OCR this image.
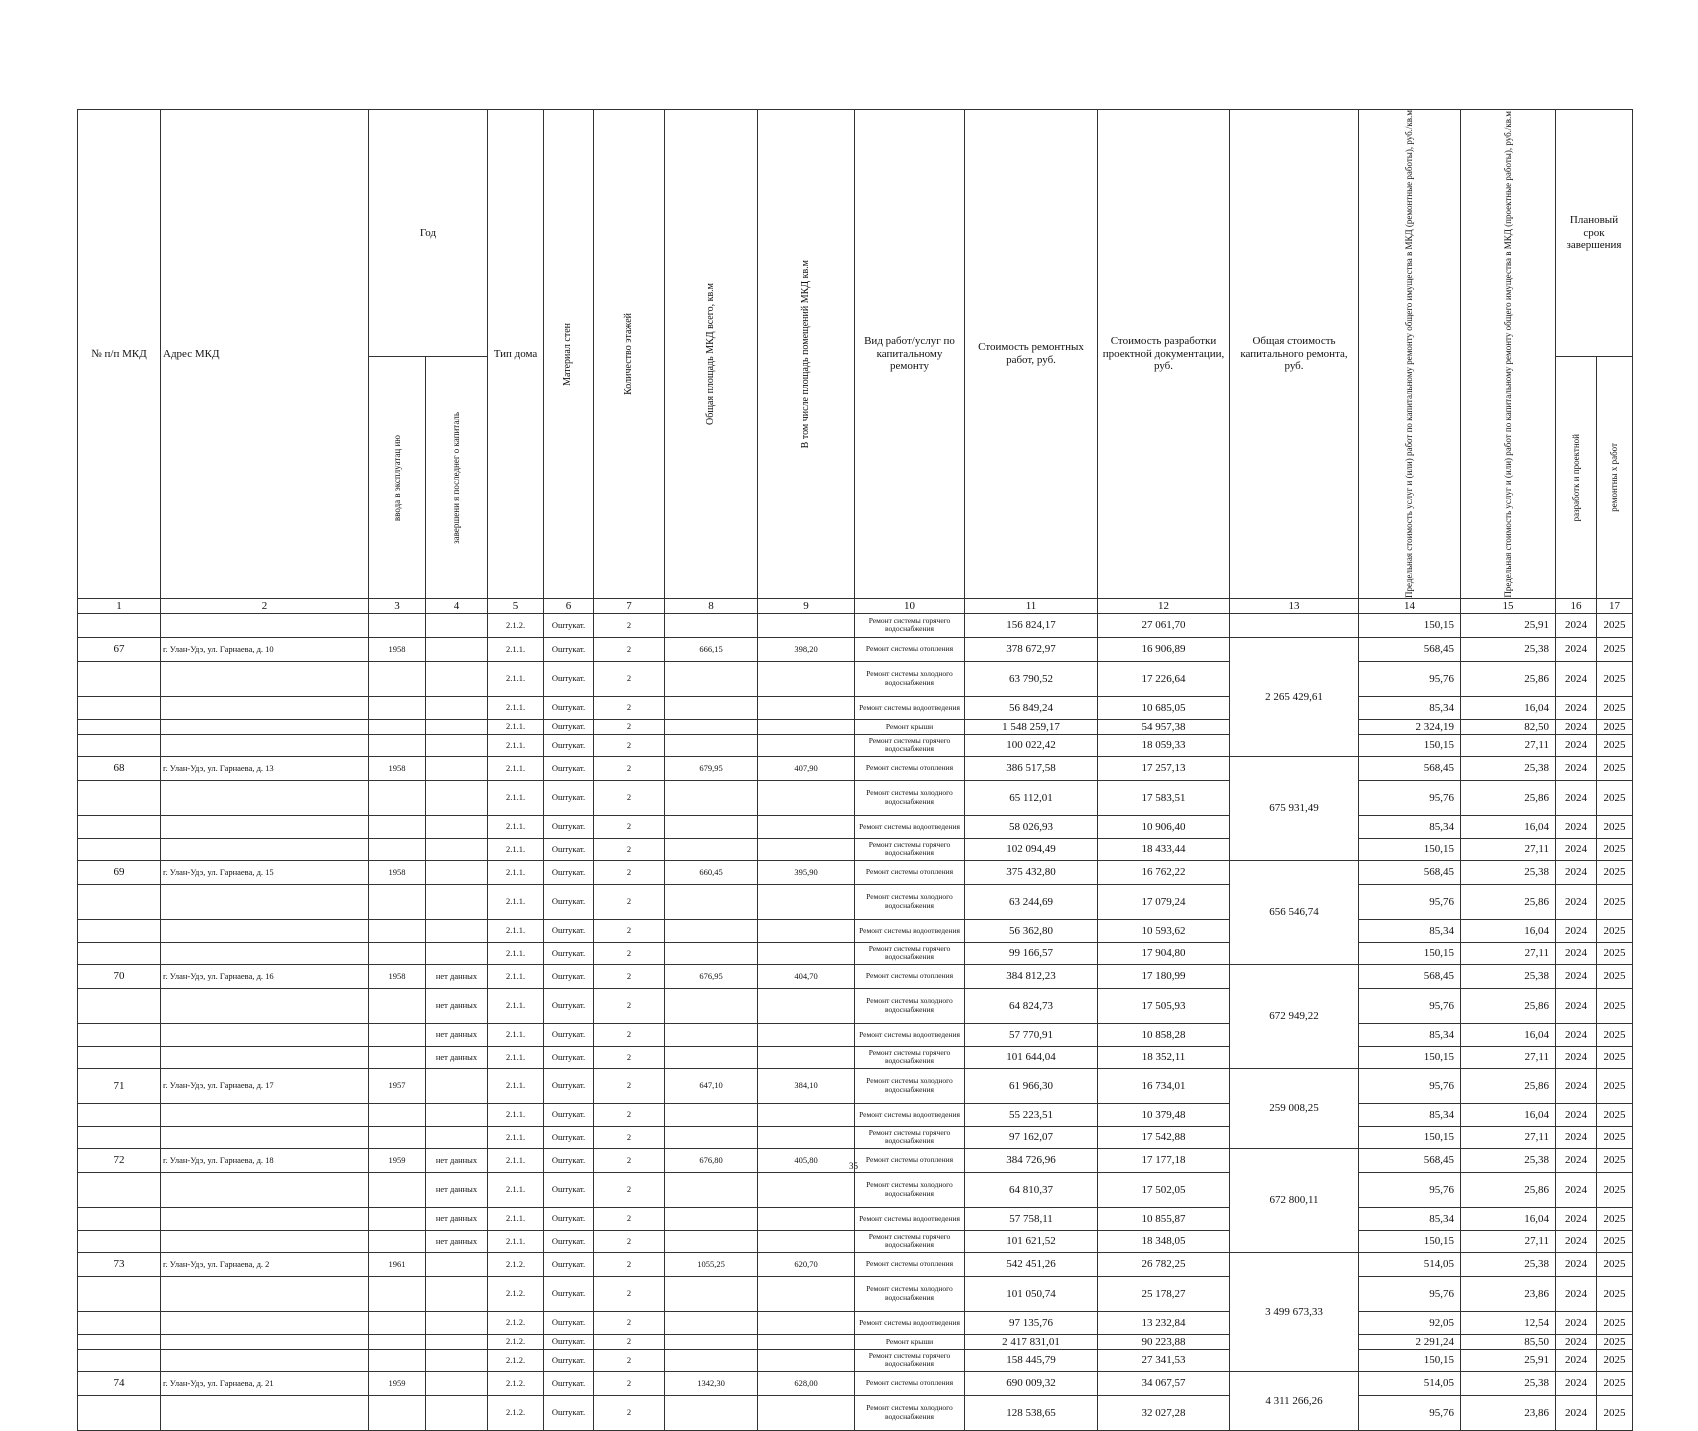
№ п/п МКД	Адрес МКД	Год		Тип дома	Материал стен	Количество этажей	Общая площадь МКД всего, кв.м	В том числе площадь помещений МКД кв.м	Вид работ/услуг по капитальному ремонту	Стоимость ремонтных работ, руб.	Стоимость разработки проектной документации, руб.	Общая стоимость капитального ремонта, руб.	Предельная стоимость услуг и (или) работ по капитальному ремонту общего имущества в МКД (ремонтные работы), руб./кв.м	Предельная стоимость услуг и (или) работ по капитальному ремонту общего имущества в МКД (проектные работы), руб./кв.м	Плановый срок завершения	

		ввода в эксплуатац ию	завершени я последнег о капиталь												разработк и проектной	ремонтны х работ

1	2	3	4	5	6	7	8	9	10	11	12	13	14	15	16	17
				2.1.2.	Оштукат.	2			Ремонт системы горячего водоснабжения	156 824,17	27 061,70		150,15	25,91	2024	2025
67	г. Улан-Удэ, ул. Гарнаева, д. 10	1958		2.1.1.	Оштукат.	2	666,15	398,20	Ремонт системы отопления	378 672,97	16 906,89	2 265 429,61	568,45	25,38	2024	2025
				2.1.1.	Оштукат.	2			Ремонт системы холодного водоснабжения	63 790,52	17 226,64		95,76	25,86	2024	2025
				2.1.1.	Оштукат.	2			Ремонт системы водоотведения	56 849,24	10 685,05		85,34	16,04	2024	2025
				2.1.1.	Оштукат.	2			Ремонт крыши	1 548 259,17	54 957,38		2 324,19	82,50	2024	2025
				2.1.1.	Оштукат.	2			Ремонт системы горячего водоснабжения	100 022,42	18 059,33		150,15	27,11	2024	2025
68	г. Улан-Удэ, ул. Гарнаева, д. 13	1958		2.1.1.	Оштукат.	2	679,95	407,90	Ремонт системы отопления	386 517,58	17 257,13	675 931,49	568,45	25,38	2024	2025
				2.1.1.	Оштукат.	2			Ремонт системы холодного водоснабжения	65 112,01	17 583,51		95,76	25,86	2024	2025
				2.1.1.	Оштукат.	2			Ремонт системы водоотведения	58 026,93	10 906,40		85,34	16,04	2024	2025
				2.1.1.	Оштукат.	2			Ремонт системы горячего водоснабжения	102 094,49	18 433,44		150,15	27,11	2024	2025
69	г. Улан-Удэ, ул. Гарнаева, д. 15	1958		2.1.1.	Оштукат.	2	660,45	395,90	Ремонт системы отопления	375 432,80	16 762,22	656 546,74	568,45	25,38	2024	2025
				2.1.1.	Оштукат.	2			Ремонт системы холодного водоснабжения	63 244,69	17 079,24		95,76	25,86	2024	2025
				2.1.1.	Оштукат.	2			Ремонт системы водоотведения	56 362,80	10 593,62		85,34	16,04	2024	2025
				2.1.1.	Оштукат.	2			Ремонт системы горячего водоснабжения	99 166,57	17 904,80		150,15	27,11	2024	2025
70	г. Улан-Удэ, ул. Гарнаева, д. 16	1958	нет данных	2.1.1.	Оштукат.	2	676,95	404,70	Ремонт системы отопления	384 812,23	17 180,99	672 949,22	568,45	25,38	2024	2025
			нет данных	2.1.1.	Оштукат.	2			Ремонт системы холодного водоснабжения	64 824,73	17 505,93		95,76	25,86	2024	2025
			нет данных	2.1.1.	Оштукат.	2			Ремонт системы водоотведения	57 770,91	10 858,28		85,34	16,04	2024	2025
			нет данных	2.1.1.	Оштукат.	2			Ремонт системы горячего водоснабжения	101 644,04	18 352,11		150,15	27,11	2024	2025
71	г. Улан-Удэ, ул. Гарнаева, д. 17	1957		2.1.1.	Оштукат.	2	647,10	384,10	Ремонт системы холодного водоснабжения	61 966,30	16 734,01	259 008,25	95,76	25,86	2024	2025
				2.1.1.	Оштукат.	2			Ремонт системы водоотведения	55 223,51	10 379,48		85,34	16,04	2024	2025
				2.1.1.	Оштукат.	2			Ремонт системы горячего водоснабжения	97 162,07	17 542,88		150,15	27,11	2024	2025
72	г. Улан-Удэ, ул. Гарнаева, д. 18	1959	нет данных	2.1.1.	Оштукат.	2	676,80	405,80	Ремонт системы отопления	384 726,96	17 177,18	672 800,11	568,45	25,38	2024	2025
			нет данных	2.1.1.	Оштукат.	2			Ремонт системы холодного водоснабжения	64 810,37	17 502,05		95,76	25,86	2024	2025
			нет данных	2.1.1.	Оштукат.	2			Ремонт системы водоотведения	57 758,11	10 855,87		85,34	16,04	2024	2025
			нет данных	2.1.1.	Оштукат.	2			Ремонт системы горячего водоснабжения	101 621,52	18 348,05		150,15	27,11	2024	2025
73	г. Улан-Удэ, ул. Гарнаева, д. 2	1961		2.1.2.	Оштукат.	2	1055,25	620,70	Ремонт системы отопления	542 451,26	26 782,25	3 499 673,33	514,05	25,38	2024	2025
				2.1.2.	Оштукат.	2			Ремонт системы холодного водоснабжения	101 050,74	25 178,27		95,76	23,86	2024	2025
				2.1.2.	Оштукат.	2			Ремонт системы водоотведения	97 135,76	13 232,84		92,05	12,54	2024	2025
				2.1.2.	Оштукат.	2			Ремонт крыши	2 417 831,01	90 223,88		2 291,24	85,50	2024	2025
				2.1.2.	Оштукат.	2			Ремонт системы горячего водоснабжения	158 445,79	27 341,53		150,15	25,91	2024	2025
74	г. Улан-Удэ, ул. Гарнаева, д. 21	1959		2.1.2.	Оштукат.	2	1342,30	628,00	Ремонт системы отопления	690 009,32	34 067,57	4 311 266,26	514,05	25,38	2024	2025
				2.1.2.	Оштукат.	2			Ремонт системы холодного водоснабжения	128 538,65	32 027,28		95,76	23,86	2024	2025
35
